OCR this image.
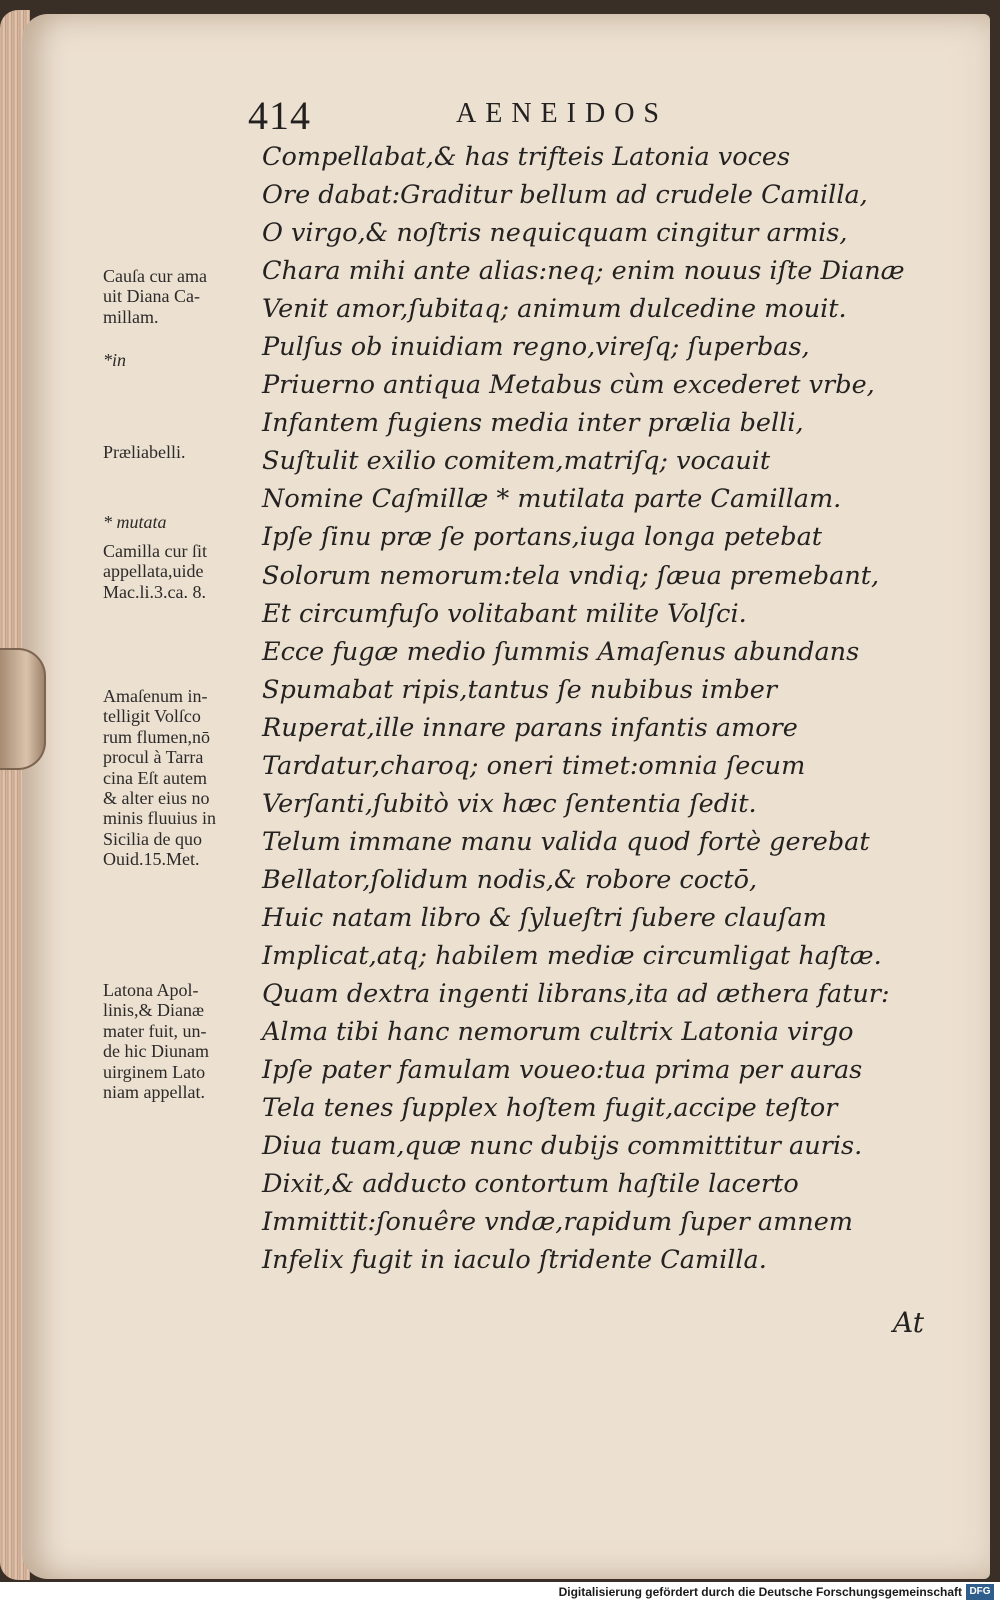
414	AENEIDOS
Compellabat,& has trifteis Latonia voces
Ore dabat:Graditur bellum ad crudele Camilla,
O virgo,& noſtris nequicquam cingitur armis,
Chara mihi ante alias:neq; enim nouus iſte Dianæ
Venit amor,ſubitaq; animum dulcedine mouit.
Pulſus ob inuidiam regno,vireſq; ſuperbas,
Priuerno antiqua Metabus cùm excederet vrbe,
Infantem fugiens media inter prælia belli,
Suſtulit exilio comitem,matriſq; vocauit
Nomine Caſmillæ * mutilata parte Camillam.
Ipſe ſinu præ ſe portans,iuga longa petebat
Solorum nemorum:tela vndiq; ſæua premebant,
Et circumfuſo volitabant milite Volſci.
Ecce fugæ medio ſummis Amaſenus abundans
Spumabat ripis,tantus ſe nubibus imber
Ruperat,ille innare parans infantis amore
Tardatur,charoq; oneri timet:omnia ſecum
Verſanti,ſubitò vix hæc ſententia ſedit.
Telum immane manu valida quod fortè gerebat
Bellator,ſolidum nodis,& robore coctō,
Huic natam libro & ſylueſtri ſubere clauſam
Implicat,atq; habilem mediæ circumligat haſtæ.
Quam dextra ingenti librans,ita ad æthera fatur:
Alma tibi hanc nemorum cultrix Latonia virgo
Ipſe pater famulam voueo:tua prima per auras
Tela tenes ſupplex hoſtem fugit,accipe teſtor
Diua tuam,quæ nunc dubijs committitur auris.
Dixit,& adducto contortum haſtile lacerto
Immittit:ſonuêre vndæ,rapidum ſuper amnem
Infelix fugit in iaculo ſtridente Camilla.
Cauſa cur ama
uit Diana Ca-
millam.
*in
Præliabelli.
* mutata
Camilla cur ſit
appellata,uide
Mac.li.3.ca. 8.
Amaſenum in-
telligit Volſco
rum flumen,nō
procul à Tarra
cina Eſt autem
& alter eius no
minis fluuius in
Sicilia de quo
Ouid.15.Met.
Latona Apol-
linis,& Dianæ
mater fuit, un-
de hic Diunam
uirginem Lato
niam appellat.
At
Digitalisierung gefördert durch die Deutsche Forschungsgemeinschaft DFG
